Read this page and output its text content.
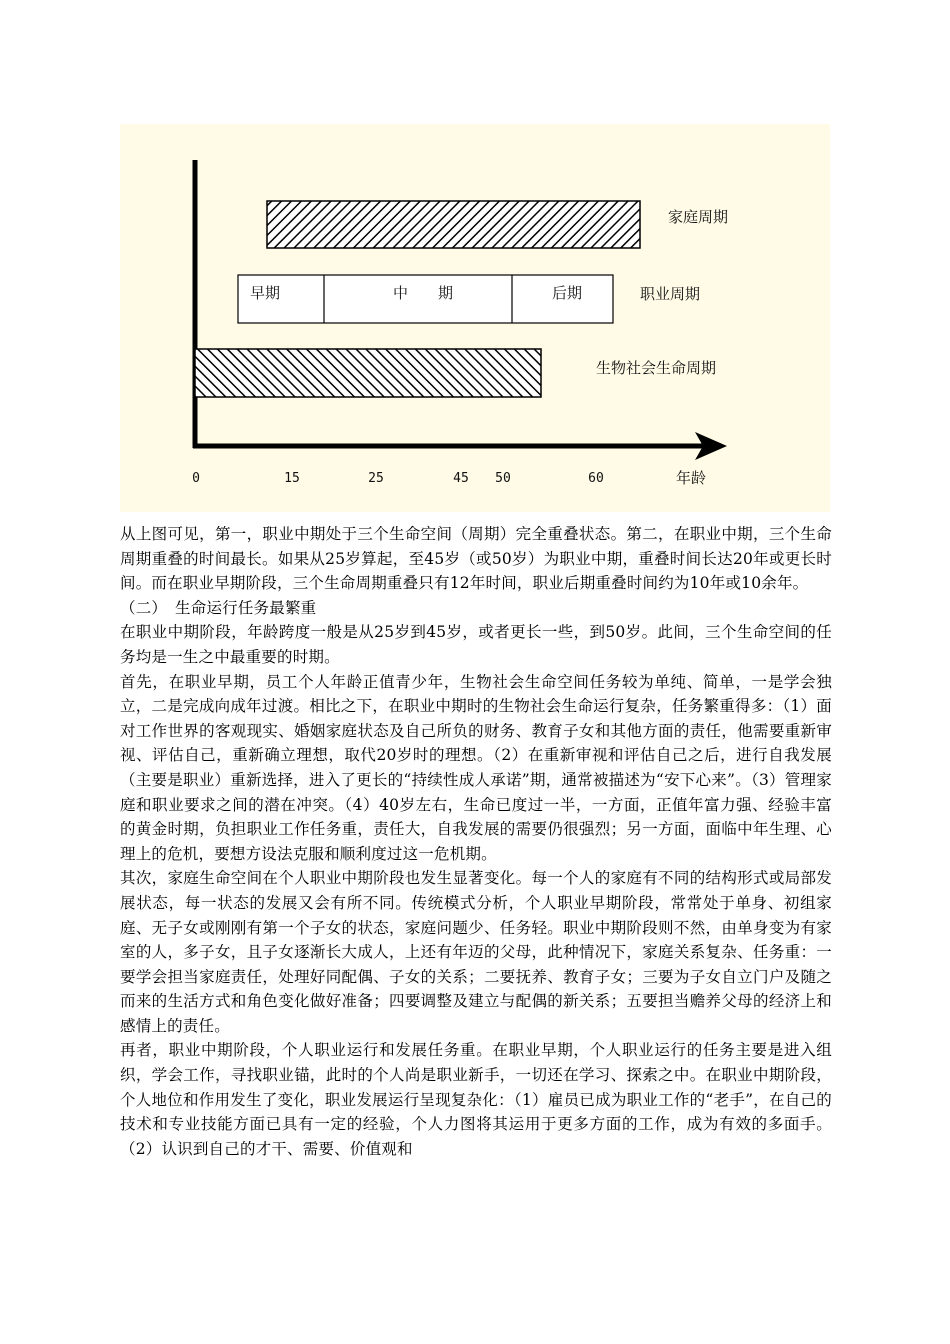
家庭周期
职业周期
生物社会生命周期
早期	中　　期	后期
0	15	25	45 50	60	年龄

从上图可见，第一，职业中期处于三个生命空间（周期）完全重叠状态。第二，在职业中期，三个生命周期重叠的时间最长。如果从25岁算起，至45岁（或50岁）为职业中期，重叠时间长达20年或更长时间。而在职业早期阶段，三个生命周期重叠只有12年时间，职业后期重叠时间约为10年或10余年。

（二）　生命运行任务最繁重

在职业中期阶段，年龄跨度一般是从25岁到45岁，或者更长一些，到50岁。此间，三个生命空间的任务均是一生之中最重要的时期。

首先，在职业早期，员工个人年龄正值青少年，生物社会生命空间任务较为单纯、简单，一是学会独立，二是完成向成年过渡。相比之下，在职业中期时的生物社会生命运行复杂，任务繁重得多：（1）面对工作世界的客观现实、婚姻家庭状态及自己所负的财务、教育子女和其他方面的责任，他需要重新审视、评估自己，重新确立理想，取代20岁时的理想。（2）在重新审视和评估自己之后，进行自我发展（主要是职业）重新选择，进入了更长的“持续性成人承诺”期，通常被描述为“安下心来”。（3）管理家庭和职业要求之间的潜在冲突。（4）40岁左右，生命已度过一半，一方面，正值年富力强、经验丰富的黄金时期，负担职业工作任务重，责任大，自我发展的需要仍很强烈；另一方面，面临中年生理、心理上的危机，要想方设法克服和顺利度过这一危机期。

其次，家庭生命空间在个人职业中期阶段也发生显著变化。每一个人的家庭有不同的结构形式或局部发展状态，每一状态的发展又会有所不同。传统模式分析，个人职业早期阶段，常常处于单身、初组家庭、无子女或刚刚有第一个子女的状态，家庭问题少、任务轻。职业中期阶段则不然，由单身变为有家室的人，多子女，且子女逐渐长大成人，上还有年迈的父母，此种情况下，家庭关系复杂、任务重：一要学会担当家庭责任，处理好同配偶、子女的关系；二要抚养、教育子女；三要为子女自立门户及随之而来的生活方式和角色变化做好准备；四要调整及建立与配偶的新关系；五要担当赡养父母的经济上和感情上的责任。

再者，职业中期阶段，个人职业运行和发展任务重。在职业早期，个人职业运行的任务主要是进入组织，学会工作，寻找职业锚，此时的个人尚是职业新手，一切还在学习、探索之中。在职业中期阶段，个人地位和作用发生了变化，职业发展运行呈现复杂化：（1）雇员已成为职业工作的“老手”，在自己的技术和专业技能方面已具有一定的经验，个人力图将其运用于更多方面的工作，成为有效的多面手。（2）认识到自己的才干、需要、价值观和
